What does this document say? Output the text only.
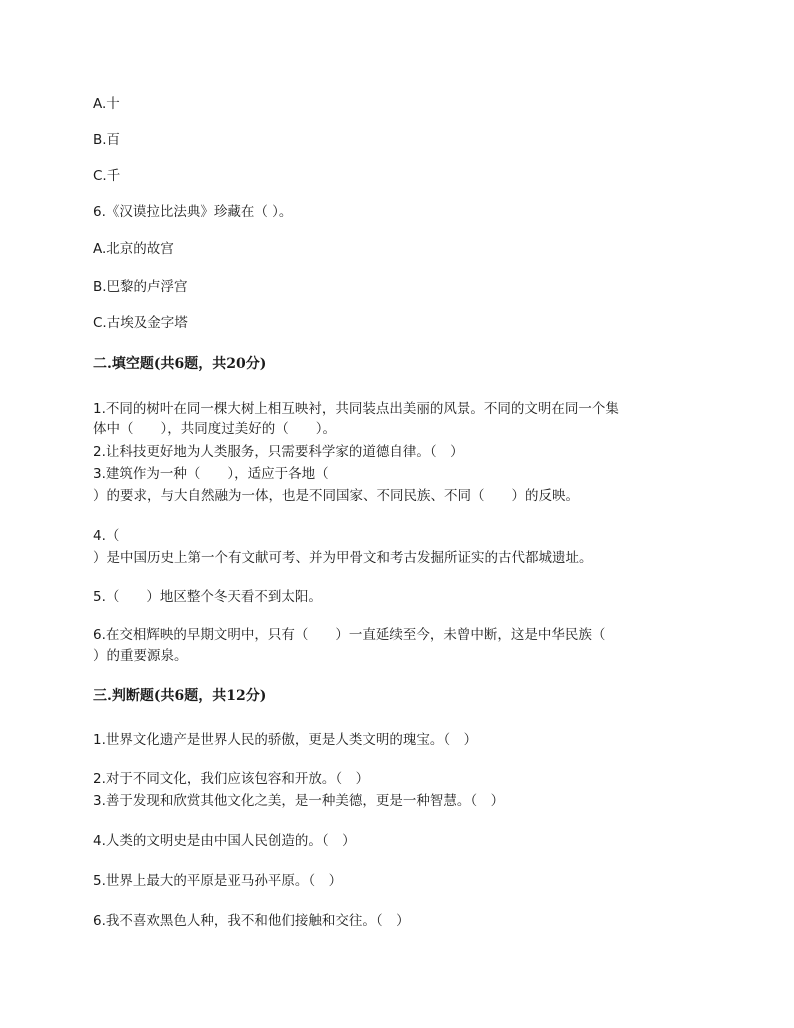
A.十
B.百
C.千
6.《汉谟拉比法典》珍藏在（ ）。
A.北京的故宫
B.巴黎的卢浮宫
C.古埃及金字塔
二.填空题(共6题，共20分)
1.不同的树叶在同一棵大树上相互映衬，共同装点出美丽的风景。不同的文明在同一个集
体中（　　），共同度过美好的（　　）。
2.让科技更好地为人类服务，只需要科学家的道德自律。（　）
3.建筑作为一种（　　），适应于各地（
）的要求，与大自然融为一体，也是不同国家、不同民族、不同（　　）的反映。
4.（
）是中国历史上第一个有文献可考、并为甲骨文和考古发掘所证实的古代都城遗址。
5.（　　）地区整个冬天看不到太阳。
6.在交相辉映的早期文明中，只有（　　）一直延续至今，未曾中断，这是中华民族（
）的重要源泉。
三.判断题(共6题，共12分)
1.世界文化遗产是世界人民的骄傲，更是人类文明的瑰宝。（　）
2.对于不同文化，我们应该包容和开放。（　）
3.善于发现和欣赏其他文化之美，是一种美德，更是一种智慧。（　）
4.人类的文明史是由中国人民创造的。（　）
5.世界上最大的平原是亚马孙平原。（　）
6.我不喜欢黑色人种，我不和他们接触和交往。（　）
